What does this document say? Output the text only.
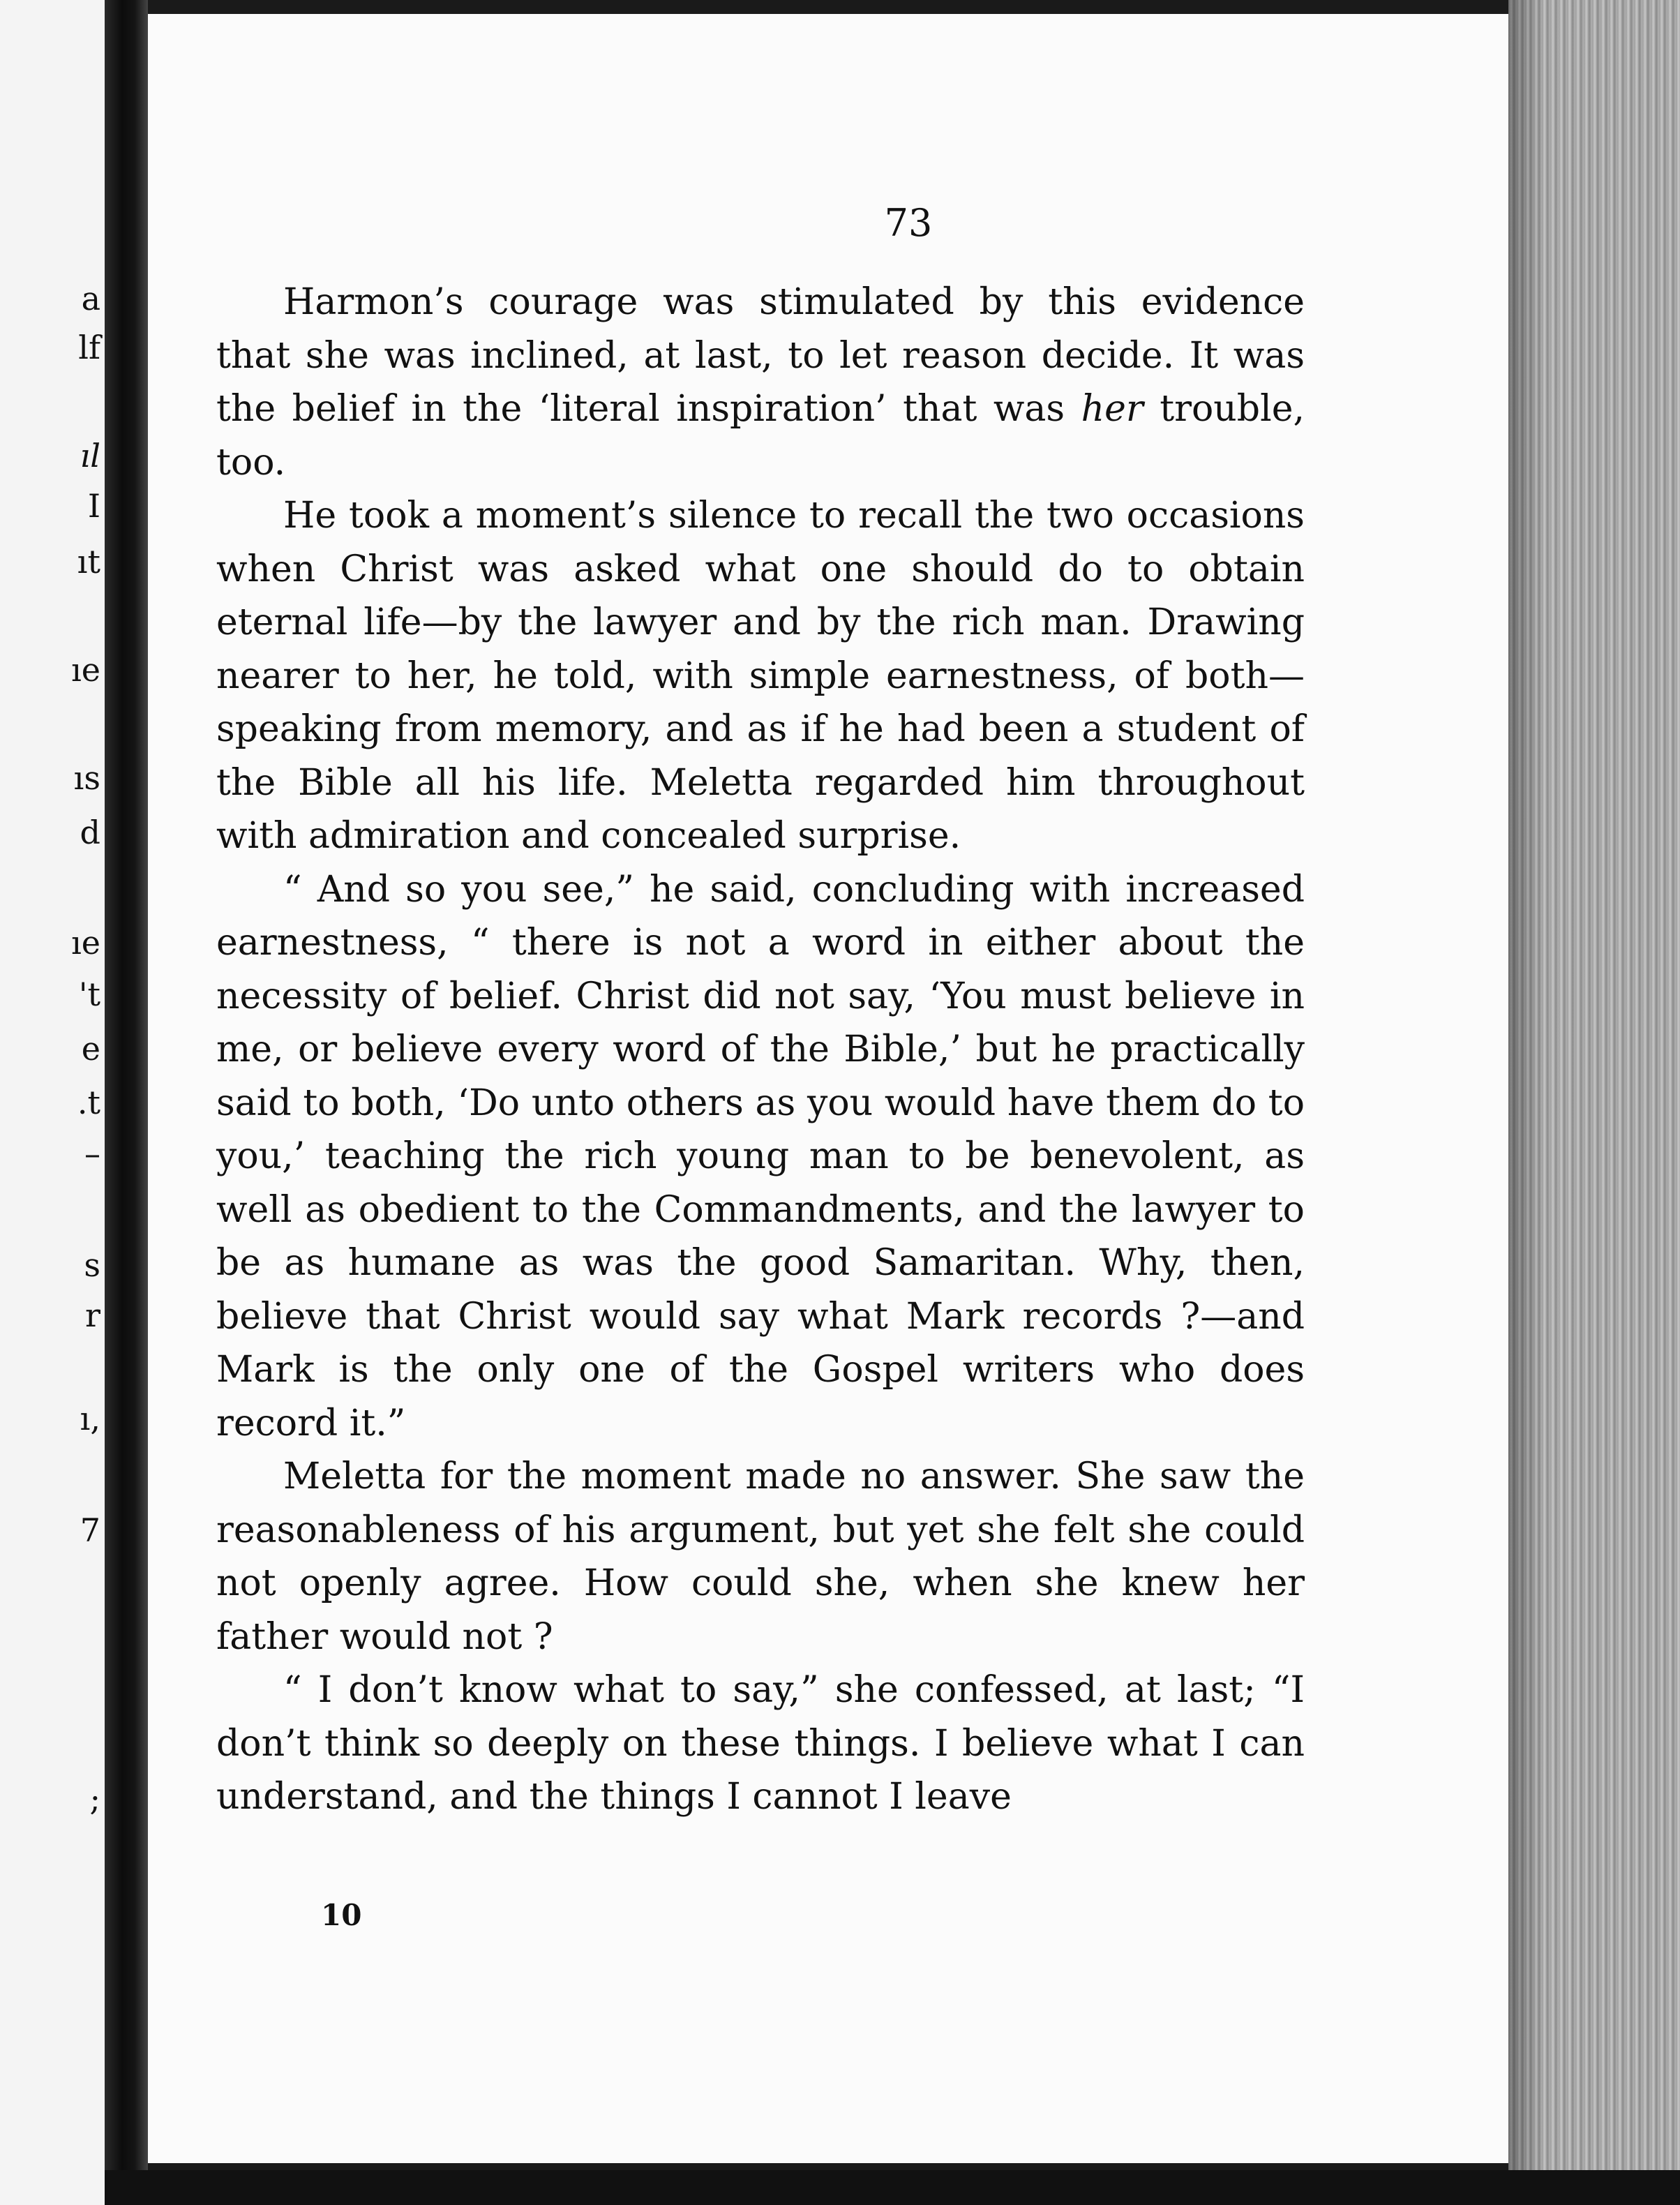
a
lf
ıl
I
ıt
ıe
ıs
d
ıe
't
e
.t
–
s
r
ı,
7
;
73

Harmon’s courage was stimulated by this evidence that she was inclined, at last, to let reason decide. It was the belief in the ‘literal inspiration’ that was her trouble, too.

He took a moment’s silence to recall the two occasions when Christ was asked what one should do to obtain eternal life—by the lawyer and by the rich man. Drawing nearer to her, he told, with simple earnestness, of both—speaking from memory, and as if he had been a student of the Bible all his life. Meletta regarded him throughout with admiration and concealed surprise.

“ And so you see,” he said, concluding with increased earnestness, “ there is not a word in either about the necessity of belief. Christ did not say, ‘You must believe in me, or believe every word of the Bible,’ but he practically said to both, ‘Do unto others as you would have them do to you,’ teaching the rich young man to be benevolent, as well as obedient to the Commandments, and the lawyer to be as humane as was the good Samaritan. Why, then, believe that Christ would say what Mark records ?—and Mark is the only one of the Gospel writers who does record it.”

Meletta for the moment made no answer. She saw the reasonableness of his argument, but yet she felt she could not openly agree. How could she, when she knew her father would not ?

“ I don’t know what to say,” she confessed, at last; “I don’t think so deeply on these things. I believe what I can understand, and the things I cannot I leave

10
